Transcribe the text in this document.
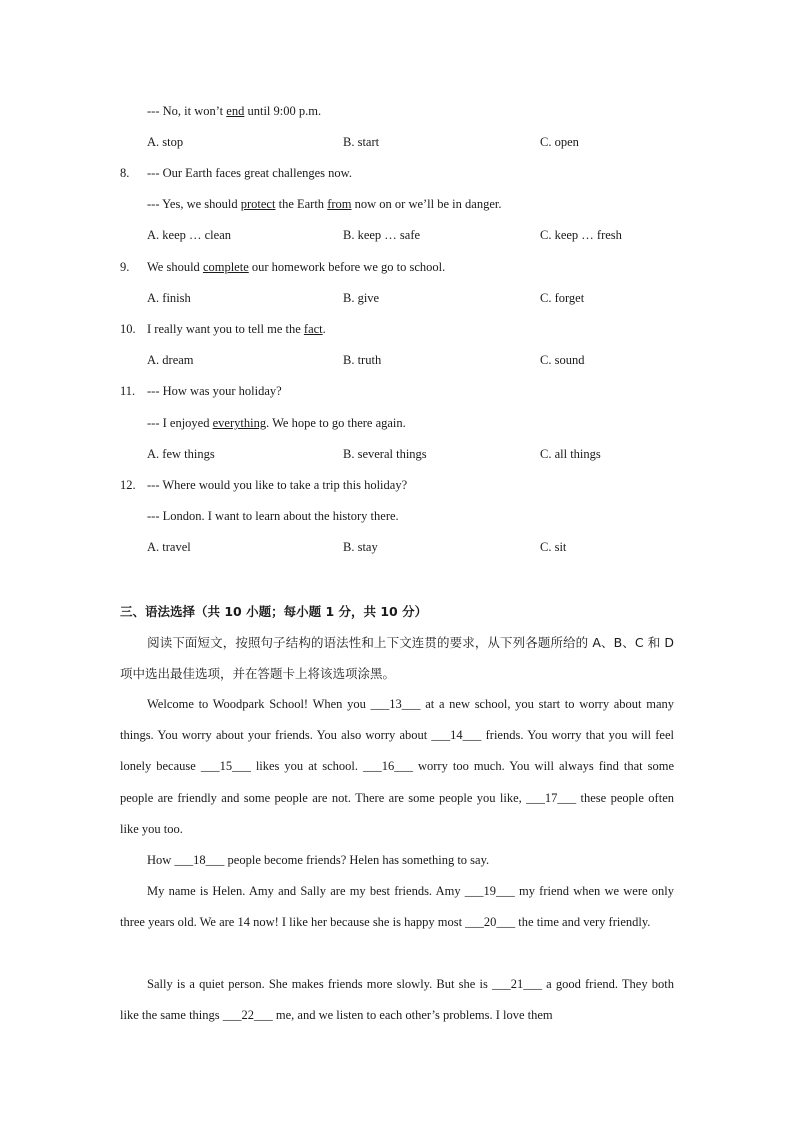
--- No, it won’t end until 9:00 p.m.
A. stop	B. start	C. open
8. --- Our Earth faces great challenges now.
--- Yes, we should protect the Earth from now on or we’ll be in danger.
A. keep … clean	B. keep … safe	C. keep … fresh
9. We should complete our homework before we go to school.
A. finish	B. give	C. forget
10. I really want you to tell me the fact.
A. dream	B. truth	C. sound
11. --- How was your holiday?
--- I enjoyed everything. We hope to go there again.
A. few things	B. several things	C. all things
12. --- Where would you like to take a trip this holiday?
--- London. I want to learn about the history there.
A. travel	B. stay	C. sit
三、语法选择（共 10 小题；每小题 1 分，共 10 分）
阅读下面短文，按照句子结构的语法性和上下文连贯的要求，从下列各题所给的 A、B、C 和 D 项中选出最佳选项，并在答题卡上将该选项涂黑。
Welcome to Woodpark School! When you ___13___ at a new school, you start to worry about many things. You worry about your friends. You also worry about ___14___ friends. You worry that you will feel lonely because ___15___ likes you at school. ___16___ worry too much. You will always find that some people are friendly and some people are not. There are some people you like, ___17___ these people often like you too.
How ___18___ people become friends? Helen has something to say.
My name is Helen. Amy and Sally are my best friends. Amy ___19___ my friend when we were only three years old. We are 14 now! I like her because she is happy most ___20___ the time and very friendly.
Sally is a quiet person. She makes friends more slowly. But she is ___21___ a good friend. They both like the same things ___22___ me, and we listen to each other’s problems. I love them
